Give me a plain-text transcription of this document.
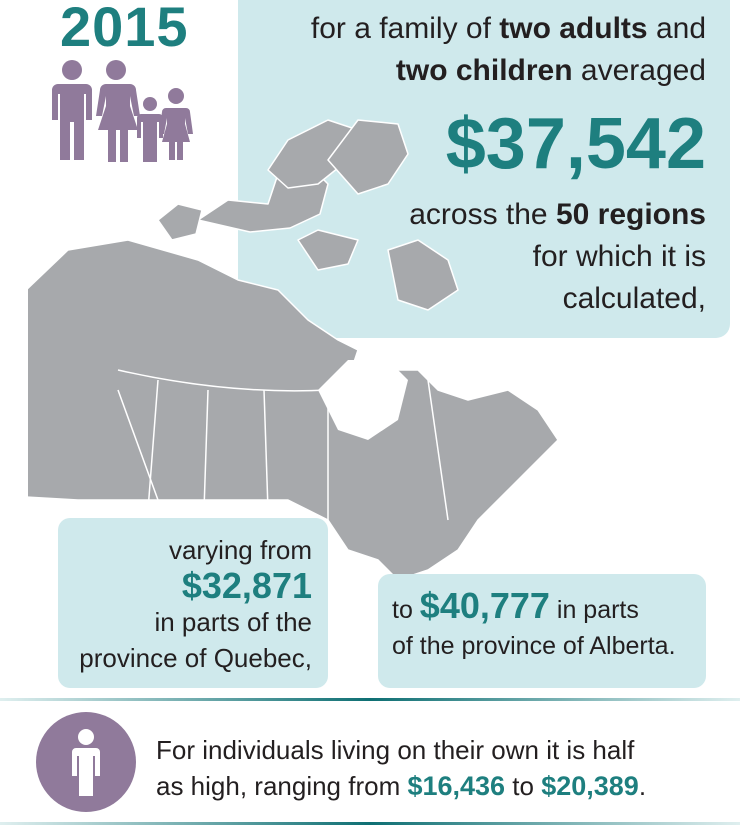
for a family of two adults and
two children averaged
$37,542
across the 50 regions
for which it is
calculated,
2015
varying from
$32,871
in parts of the
province of Quebec,
to $40,777 in parts
of the province of Alberta.
For individuals living on their own it is half
as high, ranging from $16,436 to $20,389.
